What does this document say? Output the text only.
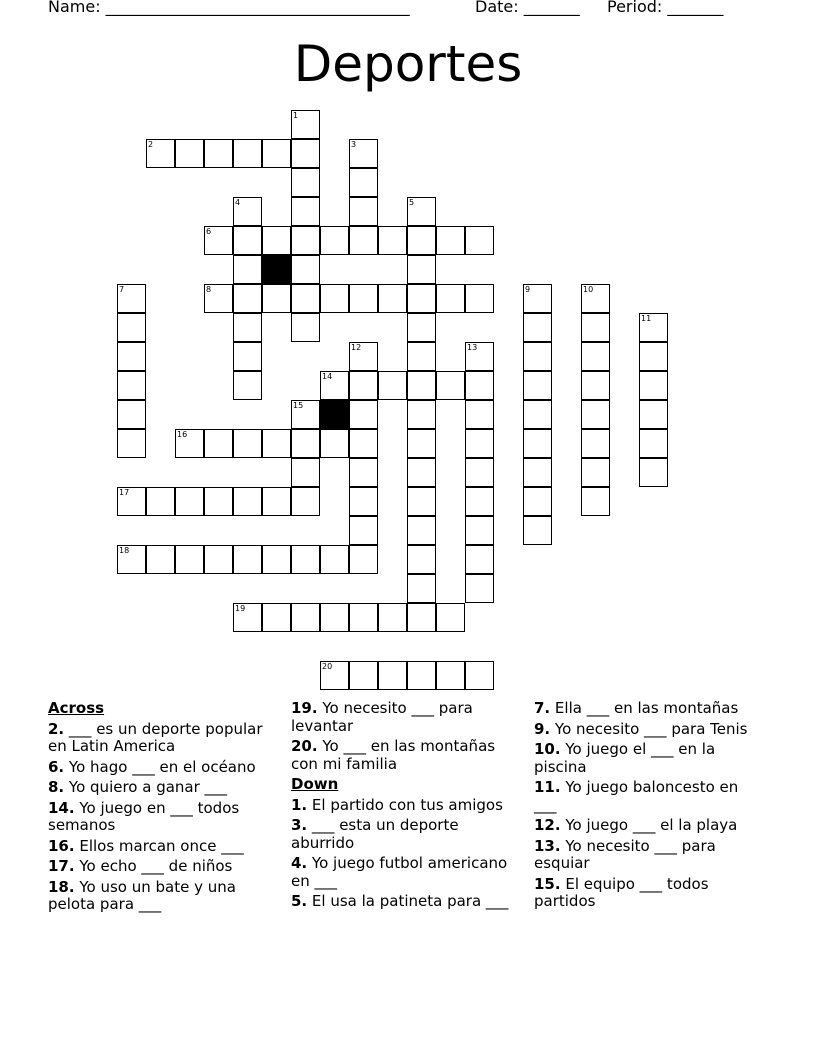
Name: ______________________________________	Date: _______ Period: _______
Deportes
1
2	3
4	5
6
7	8	9	10
11
12	13
14
15
16
17
18
19
20
Across
2. ___ es un deporte popular en Latin America
6. Yo hago ___ en el océano
8. Yo quiero a ganar ___
14. Yo juego en ___ todos semanos
16. Ellos marcan once ___
17. Yo echo ___ de niños
18. Yo uso un bate y una pelota para ___
19. Yo necesito ___ para levantar
20. Yo ___ en las montañas con mi familia
Down
1. El partido con tus amigos
3. ___ esta un deporte aburrido
4. Yo juego futbol americano en ___
5. El usa la patineta para ___
7. Ella ___ en las montañas
9. Yo necesito ___ para Tenis
10. Yo juego el ___ en la piscina
11. Yo juego baloncesto en ___
12. Yo juego ___ el la playa
13. Yo necesito ___ para esquiar
15. El equipo ___ todos partidos
